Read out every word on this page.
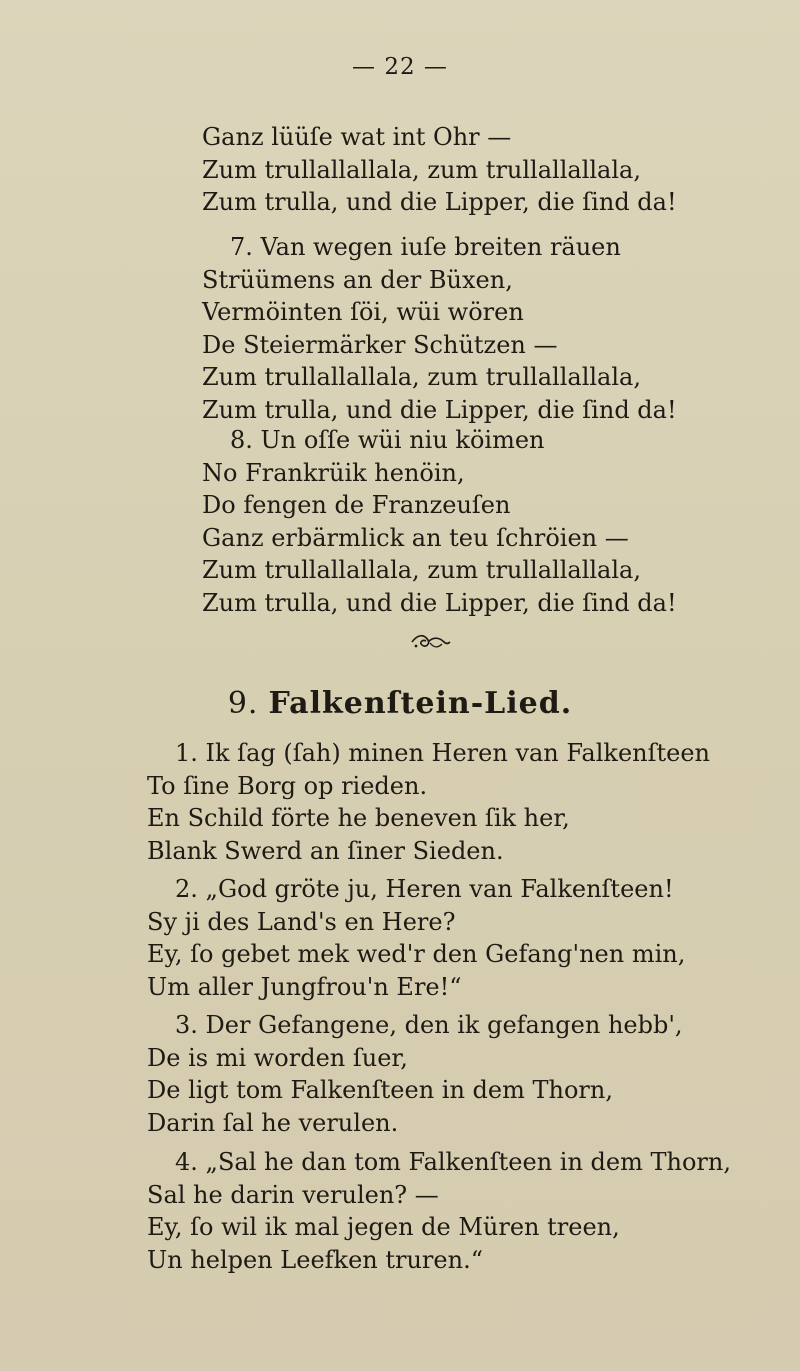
— 22 —
Ganz lüüſe wat int Ohr —
Zum trullallallala, zum trullallallala,
Zum trulla, und die Lipper, die ſind da!
7. Van wegen iuſe breiten räuen
Strüümens an der Büxen,
Vermöinten ſöi, wüi wören
De Steiermärker Schützen —
Zum trullallallala, zum trullallallala,
Zum trulla, und die Lipper, die ſind da!
8. Un oſſe wüi niu köimen
No Frankrüik henöin,
Do fengen de Franzeuſen
Ganz erbärmlick an teu ſchröien —
Zum trullallallala, zum trullallallala,
Zum trulla, und die Lipper, die ſind da!
9. Falkenſtein-Lied.
1. Ik ſag (ſah) minen Heren van Falkenſteen
To ſine Borg op rieden.
En Schild förte he beneven ſik her,
Blank Swerd an ſiner Sieden.
2. „God gröte ju, Heren van Falkenſteen!
Sy ji des Land's en Here?
Ey, ſo gebet mek wed'r den Gefang'nen min,
Um aller Jungfrou'n Ere!“
3. Der Gefangene, den ik gefangen hebb',
De is mi worden ſuer,
De ligt tom Falkenſteen in dem Thorn,
Darin ſal he verulen.
4. „Sal he dan tom Falkenſteen in dem Thorn,
Sal he darin verulen? —
Ey, ſo wil ik mal jegen de Müren treen,
Un helpen Leefken truren.“
